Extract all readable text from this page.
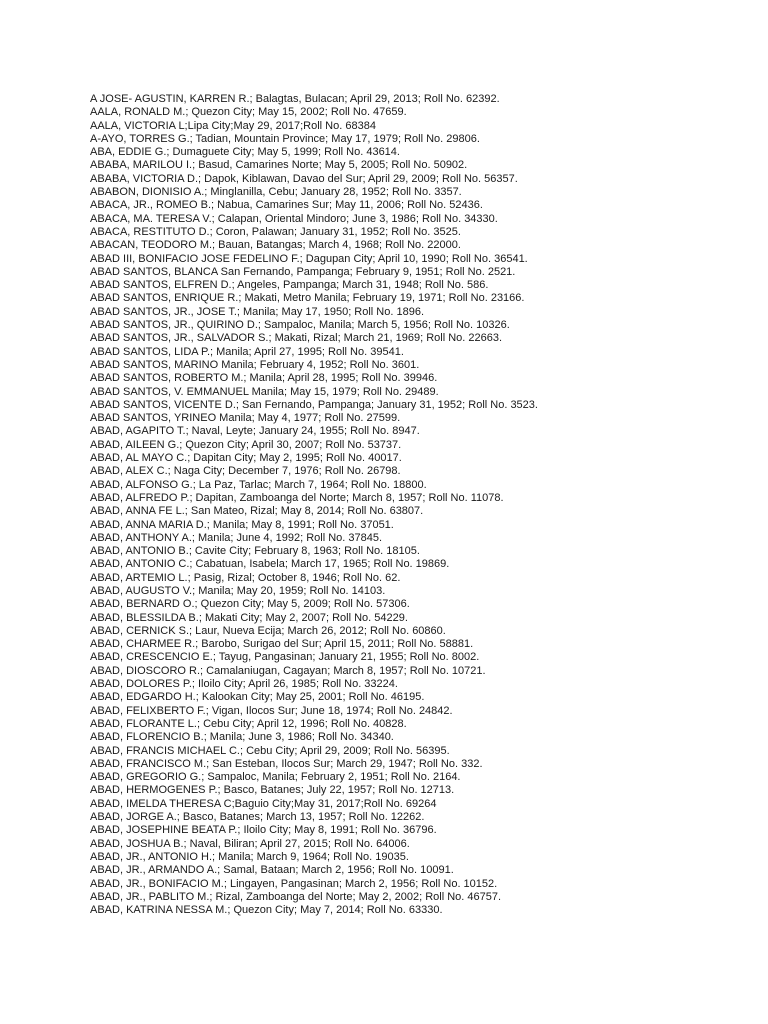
A JOSE- AGUSTIN, KARREN R.; Balagtas, Bulacan; April 29, 2013; Roll No. 62392.
AALA, RONALD M.; Quezon City; May 15, 2002; Roll No. 47659.
AALA, VICTORIA L;Lipa City;May 29, 2017;Roll No. 68384
A-AYO, TORRES G.; Tadian, Mountain Province; May 17, 1979; Roll No. 29806.
ABA, EDDIE G.; Dumaguete City; May 5, 1999; Roll No. 43614.
ABABA, MARILOU I.; Basud, Camarines Norte; May 5, 2005; Roll No. 50902.
ABABA, VICTORIA D.; Dapok, Kiblawan, Davao del Sur; April 29, 2009; Roll No. 56357.
ABABON, DIONISIO A.; Minglanilla, Cebu; January 28, 1952; Roll No. 3357.
ABACA, JR., ROMEO B.; Nabua, Camarines Sur; May 11, 2006; Roll No. 52436.
ABACA, MA. TERESA V.; Calapan, Oriental Mindoro; June 3, 1986; Roll No. 34330.
ABACA, RESTITUTO D.; Coron, Palawan; January 31, 1952; Roll No. 3525.
ABACAN, TEODORO M.; Bauan, Batangas; March 4, 1968; Roll No. 22000.
ABAD III, BONIFACIO JOSE FEDELINO F.; Dagupan City; April 10, 1990; Roll No. 36541.
ABAD SANTOS, BLANCA San Fernando, Pampanga; February 9, 1951; Roll No. 2521.
ABAD SANTOS, ELFREN D.; Angeles, Pampanga; March 31, 1948; Roll No. 586.
ABAD SANTOS, ENRIQUE R.; Makati, Metro Manila; February 19, 1971; Roll No. 23166.
ABAD SANTOS, JR., JOSE T.; Manila; May 17, 1950; Roll No. 1896.
ABAD SANTOS, JR., QUIRINO D.; Sampaloc, Manila; March 5, 1956; Roll No. 10326.
ABAD SANTOS, JR., SALVADOR S.; Makati, Rizal; March 21, 1969; Roll No. 22663.
ABAD SANTOS, LIDA P.; Manila; April 27, 1995; Roll No. 39541.
ABAD SANTOS, MARINO Manila; February 4, 1952; Roll No. 3601.
ABAD SANTOS, ROBERTO M.; Manila; April 28, 1995; Roll No. 39946.
ABAD SANTOS, V. EMMANUEL Manila; May 15, 1979; Roll No. 29489.
ABAD SANTOS, VICENTE D.; San Fernando, Pampanga; January 31, 1952; Roll No. 3523.
ABAD SANTOS, YRINEO Manila; May 4, 1977; Roll No. 27599.
ABAD, AGAPITO T.; Naval, Leyte; January 24, 1955; Roll No. 8947.
ABAD, AILEEN G.; Quezon City; April 30, 2007; Roll No. 53737.
ABAD, AL MAYO C.; Dapitan City; May 2, 1995; Roll No. 40017.
ABAD, ALEX C.; Naga City; December 7, 1976; Roll No. 26798.
ABAD, ALFONSO G.; La Paz, Tarlac; March 7, 1964; Roll No. 18800.
ABAD, ALFREDO P.; Dapitan, Zamboanga del Norte; March 8, 1957; Roll No. 11078.
ABAD, ANNA FE L.; San Mateo, Rizal; May 8, 2014; Roll No. 63807.
ABAD, ANNA MARIA D.; Manila; May 8, 1991; Roll No. 37051.
ABAD, ANTHONY A.; Manila; June 4, 1992; Roll No. 37845.
ABAD, ANTONIO B.; Cavite City; February 8, 1963; Roll No. 18105.
ABAD, ANTONIO C.; Cabatuan, Isabela; March 17, 1965; Roll No. 19869.
ABAD, ARTEMIO L.; Pasig, Rizal; October 8, 1946; Roll No. 62.
ABAD, AUGUSTO V.; Manila; May 20, 1959; Roll No. 14103.
ABAD, BERNARD O.; Quezon City; May 5, 2009; Roll No. 57306.
ABAD, BLESSILDA B.; Makati City; May 2, 2007; Roll No. 54229.
ABAD, CERNICK S.; Laur, Nueva Ecija; March 26, 2012; Roll No. 60860.
ABAD, CHARMEE R.; Barobo, Surigao del Sur; April 15, 2011; Roll No. 58881.
ABAD, CRESCENCIO E.; Tayug, Pangasinan; January 21, 1955; Roll No. 8002.
ABAD, DIOSCORO R.; Camalaniugan, Cagayan; March 8, 1957; Roll No. 10721.
ABAD, DOLORES P.; Iloilo City; April 26, 1985; Roll No. 33224.
ABAD, EDGARDO H.; Kalookan City; May 25, 2001; Roll No. 46195.
ABAD, FELIXBERTO F.; Vigan, Ilocos Sur; June 18, 1974; Roll No. 24842.
ABAD, FLORANTE L.; Cebu City; April 12, 1996; Roll No. 40828.
ABAD, FLORENCIO B.; Manila; June 3, 1986; Roll No. 34340.
ABAD, FRANCIS MICHAEL C.; Cebu City; April 29, 2009; Roll No. 56395.
ABAD, FRANCISCO M.; San Esteban, Ilocos Sur; March 29, 1947; Roll No. 332.
ABAD, GREGORIO G.; Sampaloc, Manila; February 2, 1951; Roll No. 2164.
ABAD, HERMOGENES P.; Basco, Batanes; July 22, 1957; Roll No. 12713.
ABAD, IMELDA THERESA C;Baguio City;May 31, 2017;Roll No. 69264
ABAD, JORGE A.; Basco, Batanes; March 13, 1957; Roll No. 12262.
ABAD, JOSEPHINE BEATA P.; Iloilo City; May 8, 1991; Roll No. 36796.
ABAD, JOSHUA B.; Naval, Biliran; April 27, 2015; Roll No. 64006.
ABAD, JR., ANTONIO H.; Manila; March 9, 1964; Roll No. 19035.
ABAD, JR., ARMANDO A.; Samal, Bataan; March 2, 1956; Roll No. 10091.
ABAD, JR., BONIFACIO M.; Lingayen, Pangasinan; March 2, 1956; Roll No. 10152.
ABAD, JR., PABLITO M.; Rizal, Zamboanga del Norte; May 2, 2002; Roll No. 46757.
ABAD, KATRINA NESSA M.; Quezon City; May 7, 2014; Roll No. 63330.
